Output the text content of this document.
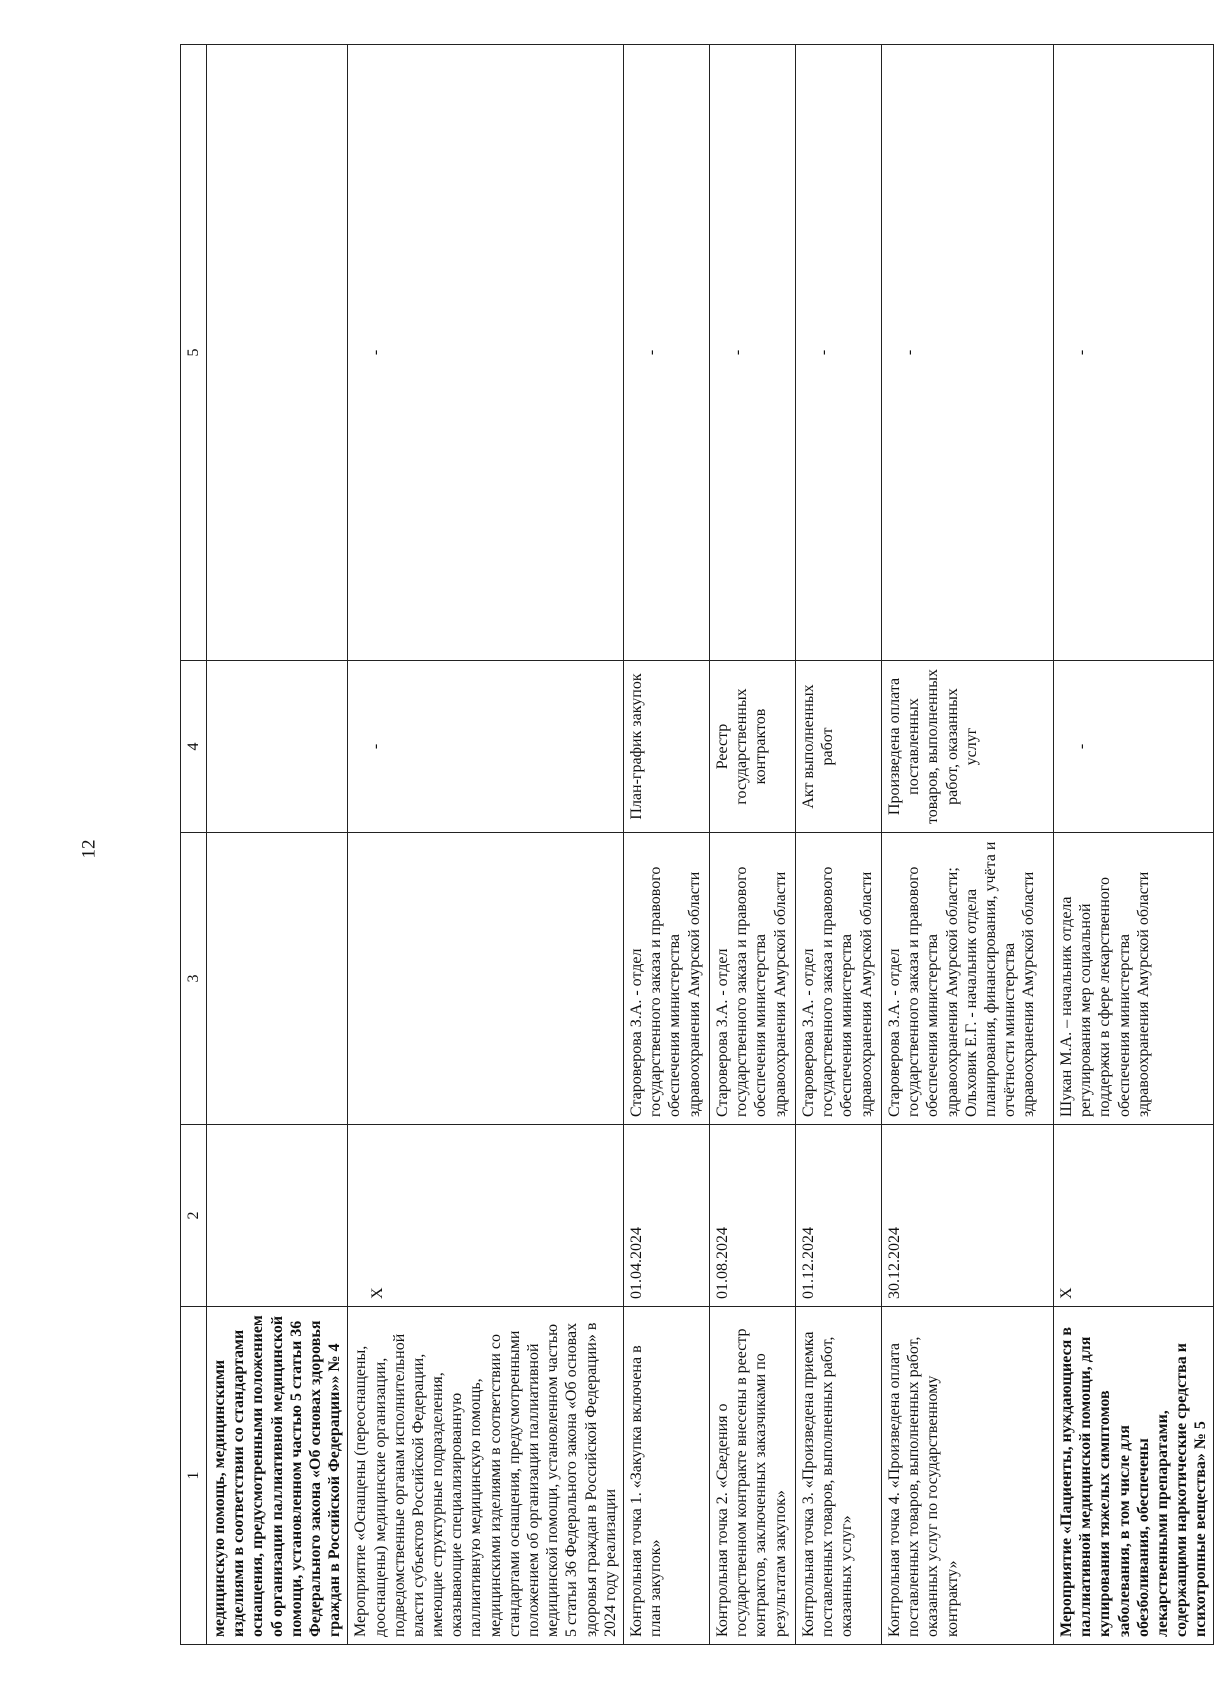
12
1	2	3	4	5
медицинскую помощь, медицинскими изделиями в соответствии со стандартами оснащения, предусмотренными положением об организации паллиативной медицинской помощи, установленном частью 5 статьи 36 Федерального закона «Об основах здоровья граждан в Российской Федерации»» № 4				
Мероприятие «Оснащены (переоснащены, дооснащены) медицинские организации, подведомственные органам исполнительной власти субъектов Российской Федерации, имеющие структурные подразделения, оказывающие специализированную паллиативную медицинскую помощь, медицинскими изделиями в соответствии со стандартами оснащения, предусмотренными положением об организации паллиативной медицинской помощи, установленном частью 5 статьи 36 Федерального закона «Об основах здоровья граждан в Российской Федерации» в 2024 году реализации	X		-	-
Контрольная точка 1. «Закупка включена в план закупок»	01.04.2024	Староверова З.А. - отдел государственного заказа и правового обеспечения министерства здравоохранения Амурской области	План-график закупок	-
Контрольная точка 2. «Сведения о государственном контракте внесены в реестр контрактов, заключенных заказчиками по результатам закупок»	01.08.2024	Староверова З.А. - отдел государственного заказа и правового обеспечения министерства здравоохранения Амурской области	Реестр государственных контрактов	-
Контрольная точка 3. «Произведена приемка поставленных товаров, выполненных работ, оказанных услуг»	01.12.2024	Староверова З.А. - отдел государственного заказа и правового обеспечения министерства здравоохранения Амурской области	Акт выполненных работ	-
Контрольная точка 4. «Произведена оплата поставленных товаров, выполненных работ, оказанных услуг по государственному контракту»	30.12.2024	Староверова З.А. - отдел государственного заказа и правового обеспечения министерства здравоохранения Амурской области; Ольховик Е.Г. - начальник отдела планирования, финансирования, учёта и отчётности министерства здравоохранения Амурской области	Произведена оплата поставленных товаров, выполненных работ, оказанных услуг	-
Мероприятие «Пациенты, нуждающиеся в паллиативной медицинской помощи, для купирования тяжелых симптомов заболевания, в том числе для обезболивания, обеспечены лекарственными препаратами, содержащими наркотические средства и психотропные вещества» № 5	X	Шукан М.А. – начальник отдела регулирования мер социальной поддержки в сфере лекарственного обеспечения министерства здравоохранения Амурской области	-	-
